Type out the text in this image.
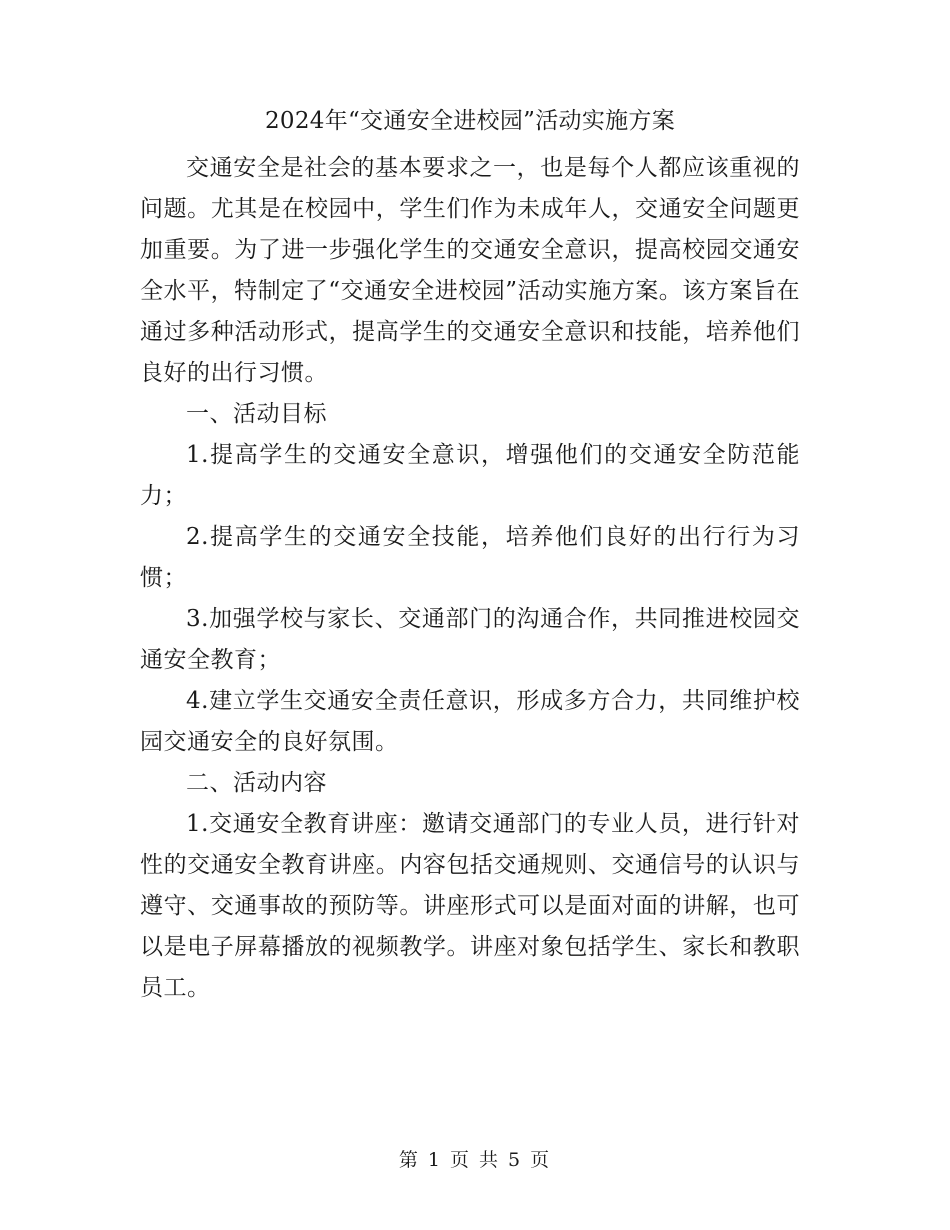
2024年“交通安全进校园”活动实施方案

交通安全是社会的基本要求之一，也是每个人都应该重视的问题。尤其是在校园中，学生们作为未成年人，交通安全问题更加重要。为了进一步强化学生的交通安全意识，提高校园交通安全水平，特制定了“交通安全进校园”活动实施方案。该方案旨在通过多种活动形式，提高学生的交通安全意识和技能，培养他们良好的出行习惯。

一、活动目标

1.提高学生的交通安全意识，增强他们的交通安全防范能力；

2.提高学生的交通安全技能，培养他们良好的出行行为习惯；

3.加强学校与家长、交通部门的沟通合作，共同推进校园交通安全教育；

4.建立学生交通安全责任意识，形成多方合力，共同维护校园交通安全的良好氛围。

二、活动内容

1.交通安全教育讲座：邀请交通部门的专业人员，进行针对性的交通安全教育讲座。内容包括交通规则、交通信号的认识与遵守、交通事故的预防等。讲座形式可以是面对面的讲解，也可以是电子屏幕播放的视频教学。讲座对象包括学生、家长和教职员工。

第 1 页 共 5 页
